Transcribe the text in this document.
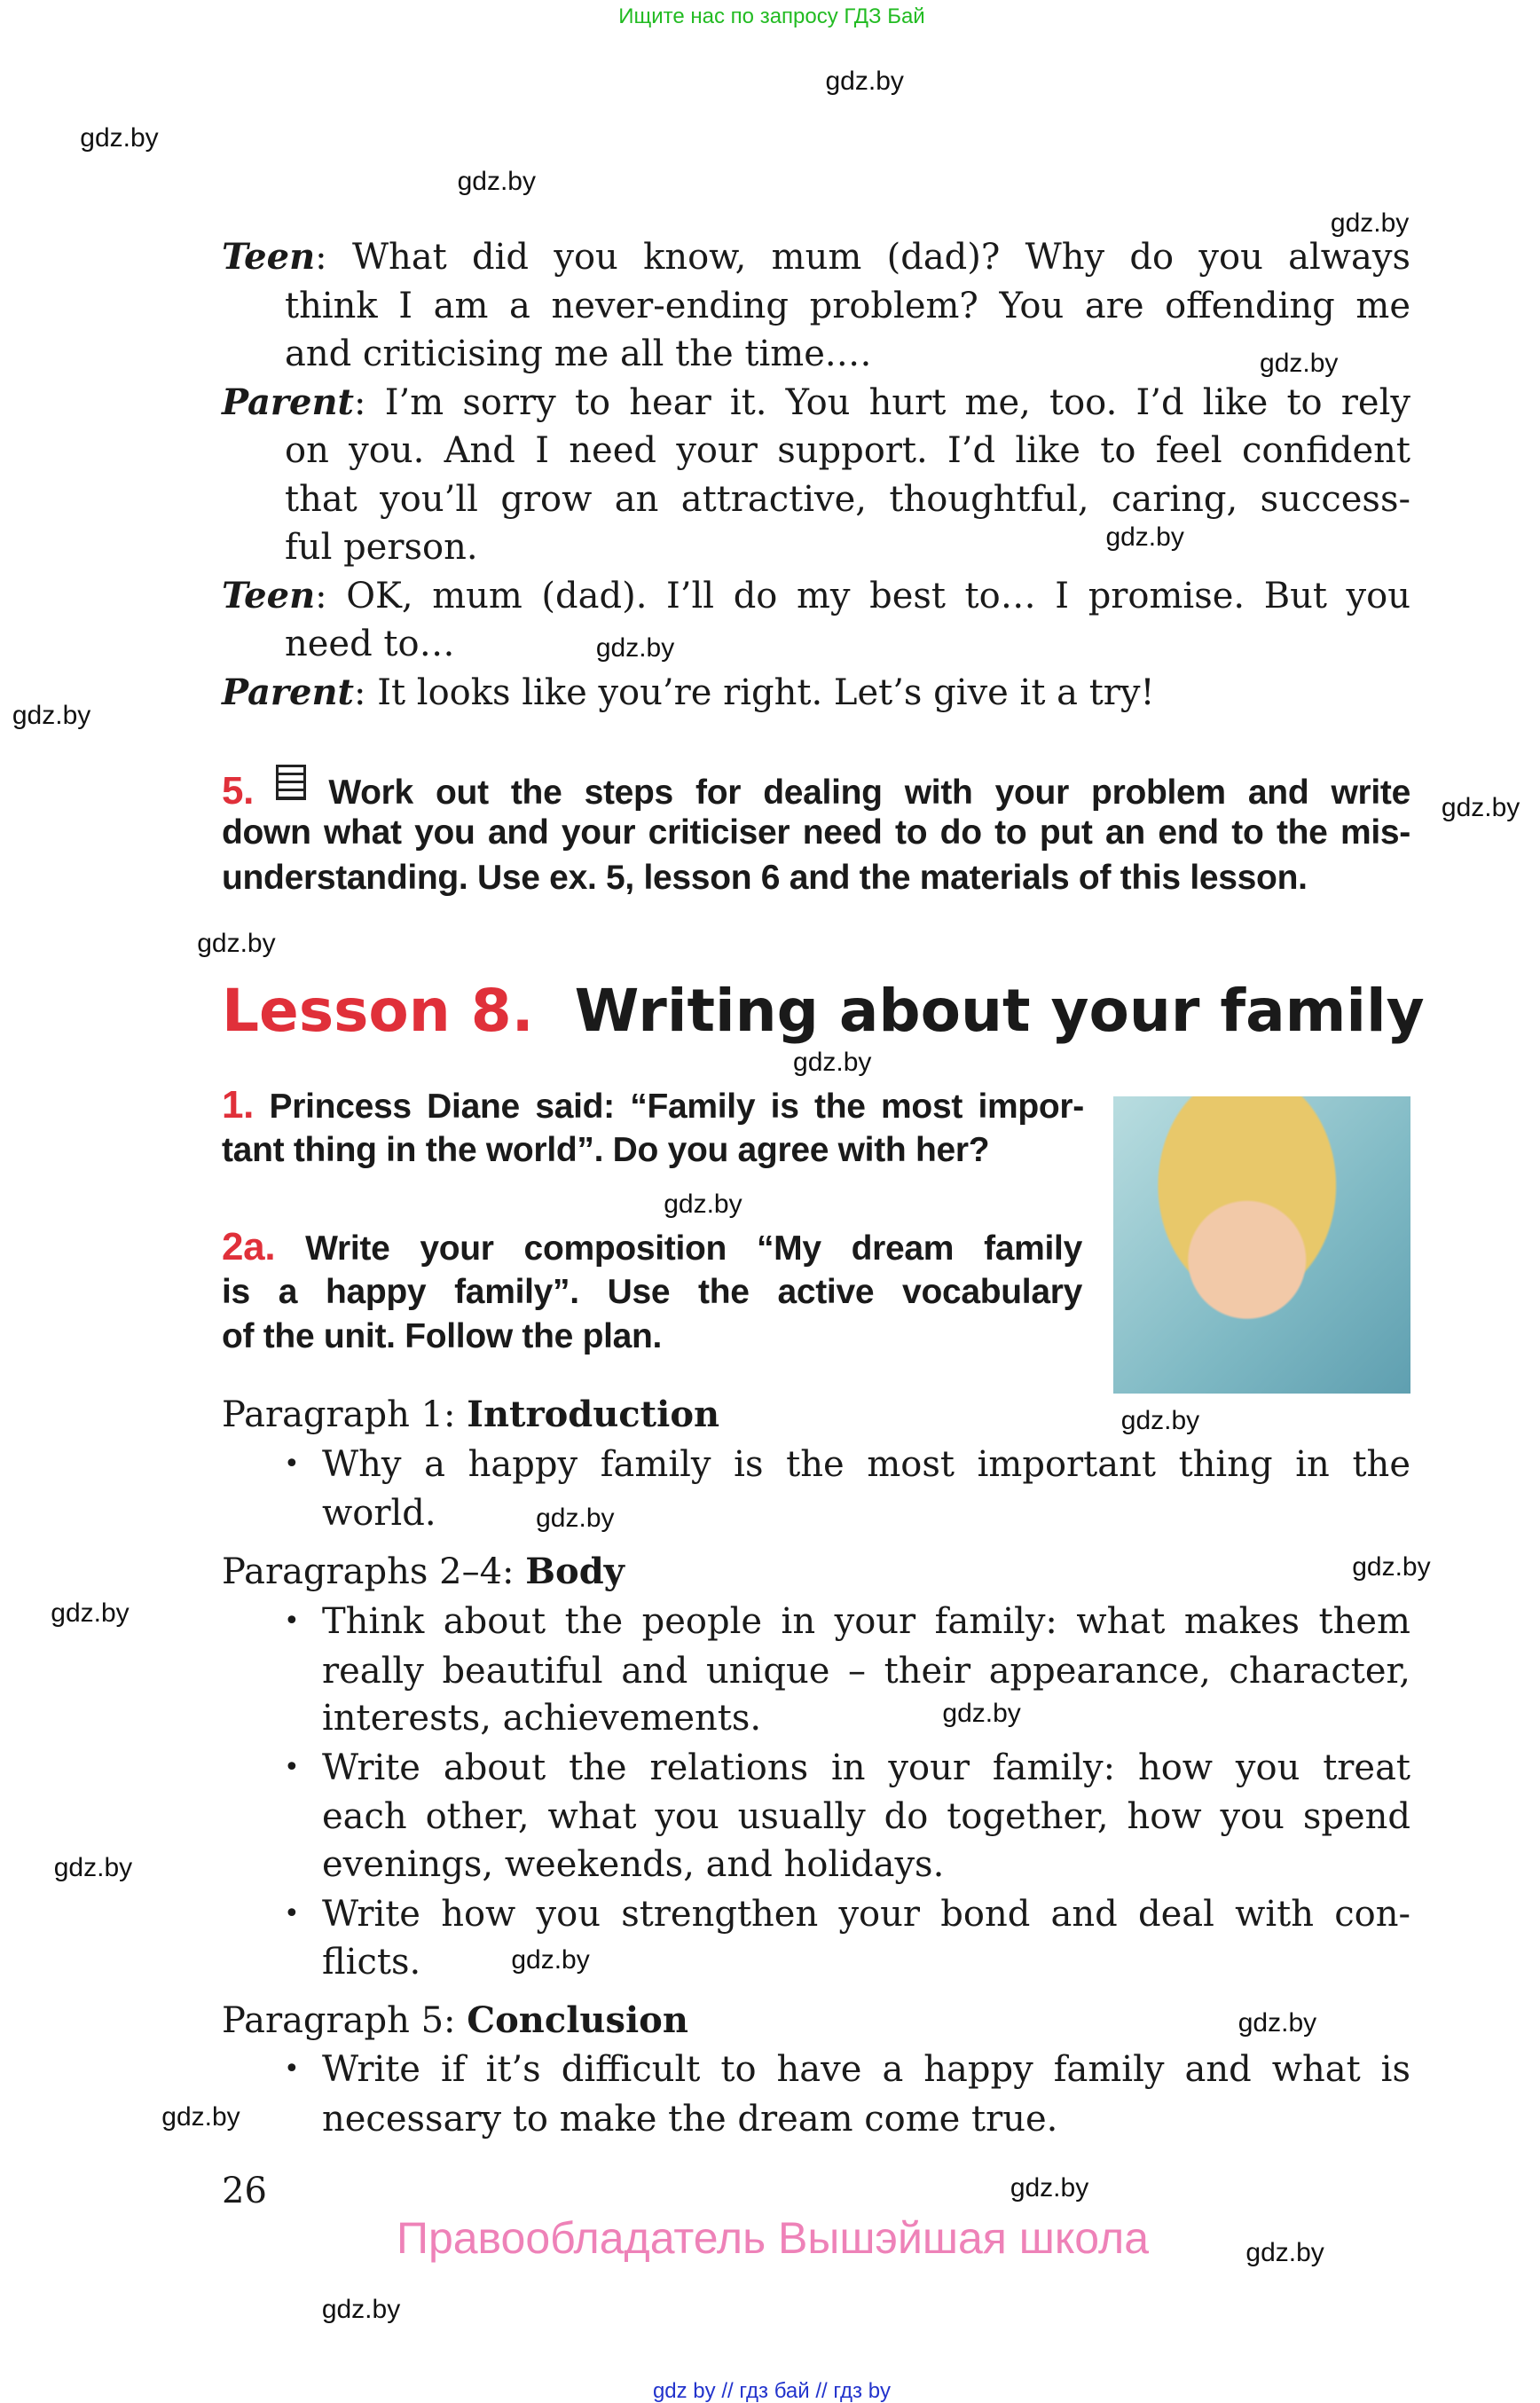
Ищите нас по запросу ГДЗ Бай
Teen: What did you know, mum (dad)? Why do you always
think I am a never-ending problem? You are offending me
and criticising me all the time.…
Parent: I’m sorry to hear it. You hurt me, too. I’d like to rely
on you. And I need your support. I’d like to feel confident
that you’ll grow an attractive, thoughtful, caring, success-
ful person.
Teen: OK, mum (dad). I’ll do my best to… I promise. But you
need to…
Parent: It looks like you’re right. Let’s give it a try!
5. Work out the steps for dealing with your problem and write
down what you and your criticiser need to do to put an end to the mis-
understanding. Use ex. 5, lesson 6 and the materials of this lesson.
1. Princess Diane said: “Family is the most impor-
tant thing in the world”. Do you agree with her?
2a. Write your composition “My dream family
is a happy family”. Use the active vocabulary
of the unit. Follow the plan.
Paragraph 1: Introduction
• Why a happy family is the most important thing in the
world.
Paragraphs 2–4: Body
• Think about the people in your family: what makes them
really beautiful and unique – their appearance, character,
interests, achievements.
• Write about the relations in your family: how you treat
each other, what you usually do together, how you spend
evenings, weekends, and holidays.
• Write how you strengthen your bond and deal with con-
flicts.
Paragraph 5: Conclusion
• Write if it’s difficult to have a happy family and what is
necessary to make the dream come true.
gdz.by
gdz.by
gdz.by
gdz.by
gdz.by
gdz.by
gdz.by
gdz.by
gdz.by
gdz.by
gdz.by
gdz.by
gdz.by
gdz.by
gdz.by
gdz.by
gdz.by
gdz.by
gdz.by
gdz.by
gdz.by
gdz.by
gdz.by
gdz.by
Lesson 8. Writing about your family
26
Правообладатель Вышэйшая школа
gdz by // гдз бай // гдз by
